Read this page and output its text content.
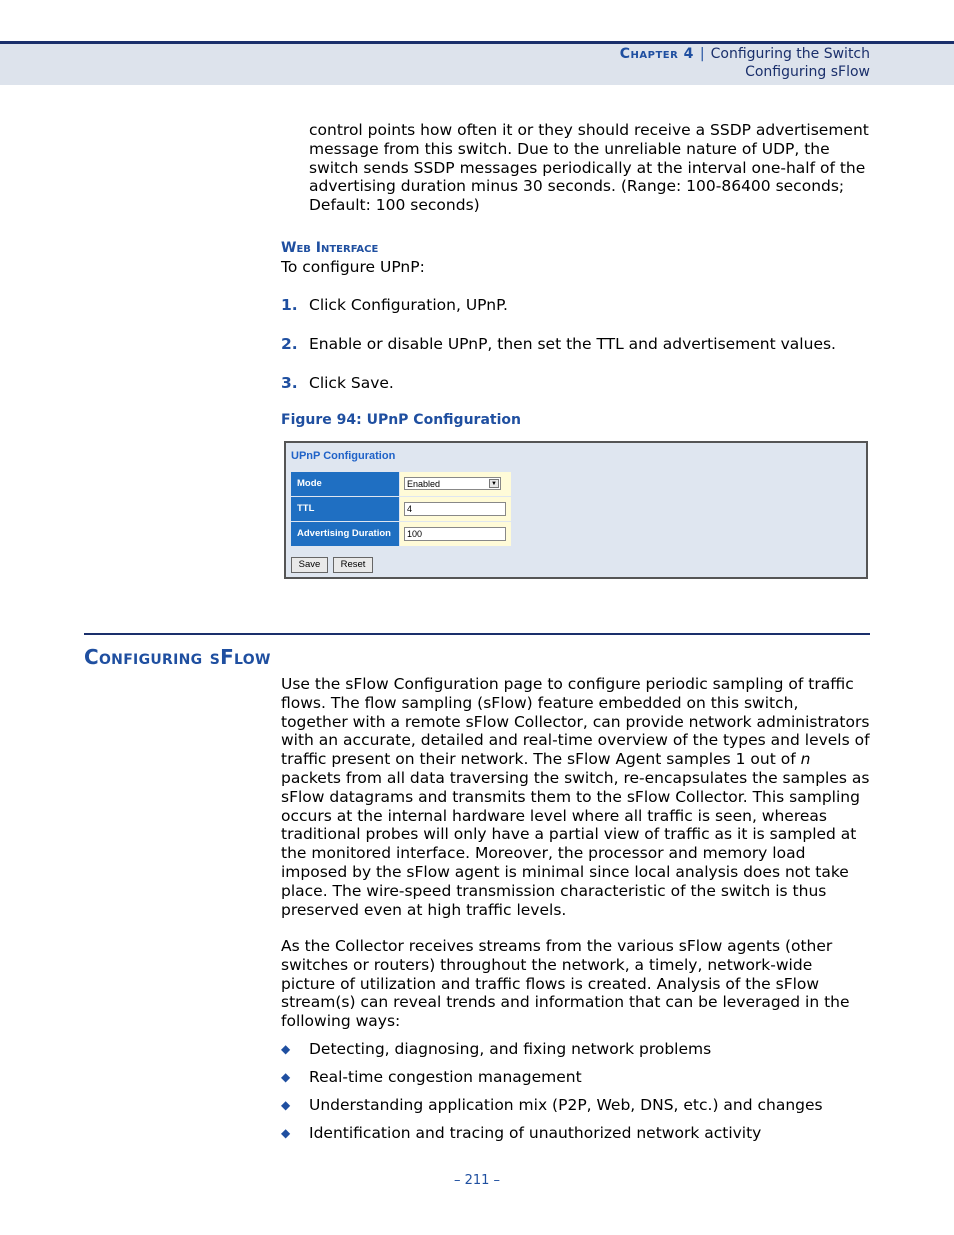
Chapter 4 | Configuring the Switch
Configuring sFlow
control points how often it or they should receive a SSDP advertisement
message from this switch. Due to the unreliable nature of UDP, the
switch sends SSDP messages periodically at the interval one-half of the
advertising duration minus 30 seconds. (Range: 100-86400 seconds;
Default: 100 seconds)
Web Interface
To configure UPnP:
1. Click Configuration, UPnP.
2. Enable or disable UPnP, then set the TTL and advertisement values.
3. Click Save.
Figure 94: UPnP Configuration
UPnP Configuration
Mode	Enabled	▼
TTL	4
Advertising Duration	100
Save	Reset
Configuring sFlow
Use the sFlow Configuration page to configure periodic sampling of traffic
flows. The flow sampling (sFlow) feature embedded on this switch,
together with a remote sFlow Collector, can provide network administrators
with an accurate, detailed and real-time overview of the types and levels of
traffic present on their network. The sFlow Agent samples 1 out of n
packets from all data traversing the switch, re-encapsulates the samples as
sFlow datagrams and transmits them to the sFlow Collector. This sampling
occurs at the internal hardware level where all traffic is seen, whereas
traditional probes will only have a partial view of traffic as it is sampled at
the monitored interface. Moreover, the processor and memory load
imposed by the sFlow agent is minimal since local analysis does not take
place. The wire-speed transmission characteristic of the switch is thus
preserved even at high traffic levels.
As the Collector receives streams from the various sFlow agents (other
switches or routers) throughout the network, a timely, network-wide
picture of utilization and traffic flows is created. Analysis of the sFlow
stream(s) can reveal trends and information that can be leveraged in the
following ways:
◆ Detecting, diagnosing, and fixing network problems
◆ Real-time congestion management
◆ Understanding application mix (P2P, Web, DNS, etc.) and changes
◆ Identification and tracing of unauthorized network activity
– 211 –
